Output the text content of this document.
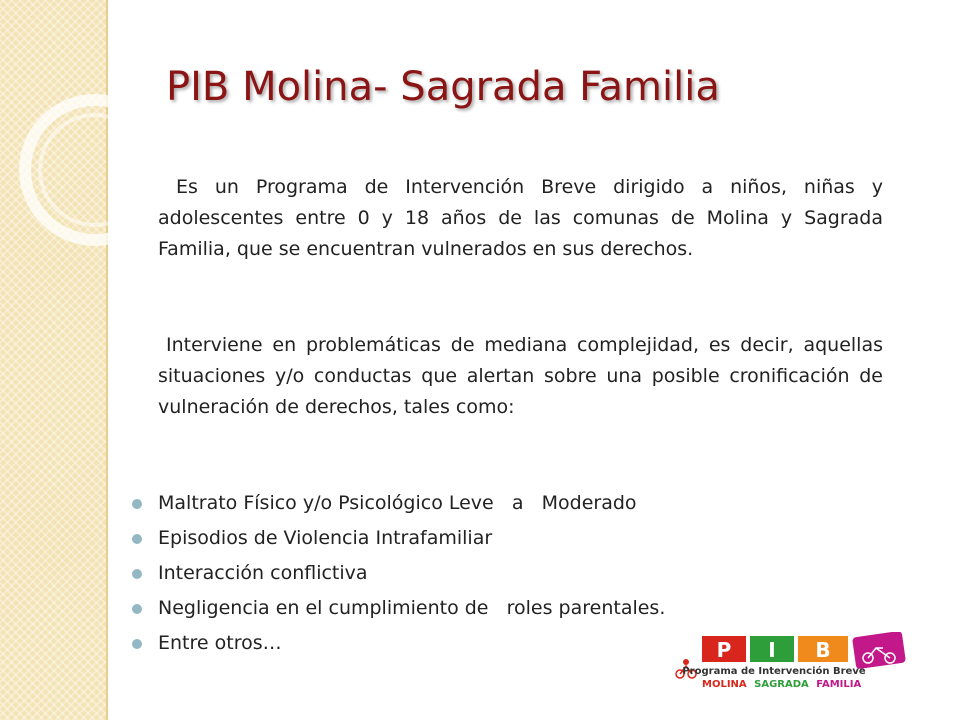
PIB Molina- Sagrada Familia

Es un Programa de Intervención Breve dirigido a niños, niñas y adolescentes entre 0 y 18 años de las comunas de Molina y Sagrada Familia, que se encuentran vulnerados en sus derechos.

Interviene en problemáticas de mediana complejidad, es decir, aquellas situaciones y/o conductas que alertan sobre una posible cronificación de vulneración de derechos, tales como:

Maltrato Físico y/o Psicológico Leve   a   Moderado
Episodios de Violencia Intrafamiliar
Interacción conflictiva
Negligencia en el cumplimiento de   roles parentales.
Entre otros…	P I B
Programa de Intervención Breve
MOLINA SAGRADA FAMILIA
